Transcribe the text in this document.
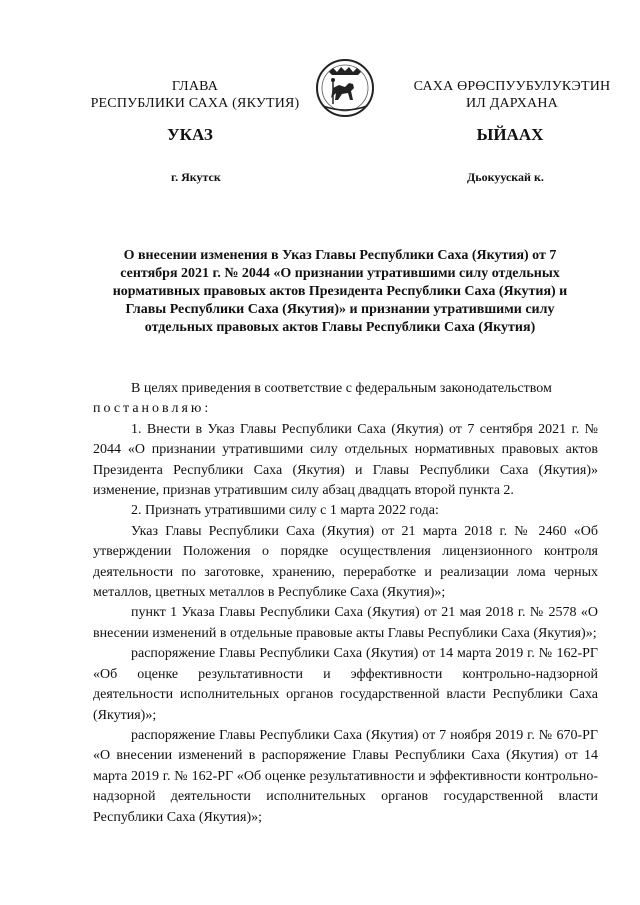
ГЛАВА
РЕСПУБЛИКИ САХА (ЯКУТИЯ)
САХА ӨРӨСПУУБУЛУКЭТИН
ИЛ ДАРХАНА
УКАЗ	ЫЙААХ
г. Якутск	Дьокуускай к.
О внесении изменения в Указ Главы Республики Саха (Якутия) от 7 сентября 2021 г. № 2044 «О признании утратившими силу отдельных нормативных правовых актов Президента Республики Саха (Якутия) и Главы Республики Саха (Якутия)» и признании утратившими силу отдельных правовых актов Главы Республики Саха (Якутия)

В целях приведения в соответствие с федеральным законодательством

постановляю:

1. Внести в Указ Главы Республики Саха (Якутия) от 7 сентября 2021 г. № 2044 «О признании утратившими силу отдельных нормативных правовых актов Президента Республики Саха (Якутия) и Главы Республики Саха (Якутия)» изменение, признав утратившим силу абзац двадцать второй пункта 2.

2. Признать утратившими силу с 1 марта 2022 года:

Указ Главы Республики Саха (Якутия) от 21 марта 2018 г. № 2460 «Об утверждении Положения о порядке осуществления лицензионного контроля деятельности по заготовке, хранению, переработке и реализации лома черных металлов, цветных металлов в Республике Саха (Якутия)»;

пункт 1 Указа Главы Республики Саха (Якутия) от 21 мая 2018 г. № 2578 «О внесении изменений в отдельные правовые акты Главы Республики Саха (Якутия)»;

распоряжение Главы Республики Саха (Якутия) от 14 марта 2019 г. № 162-РГ «Об оценке результативности и эффективности контрольно-надзорной деятельности исполнительных органов государственной власти Республики Саха (Якутия)»;

распоряжение Главы Республики Саха (Якутия) от 7 ноября 2019 г. № 670-РГ «О внесении изменений в распоряжение Главы Республики Саха (Якутия) от 14 марта 2019 г. № 162-РГ «Об оценке результативности и эффективности контрольно-надзорной деятельности исполнительных органов государственной власти Республики Саха (Якутия)»;
